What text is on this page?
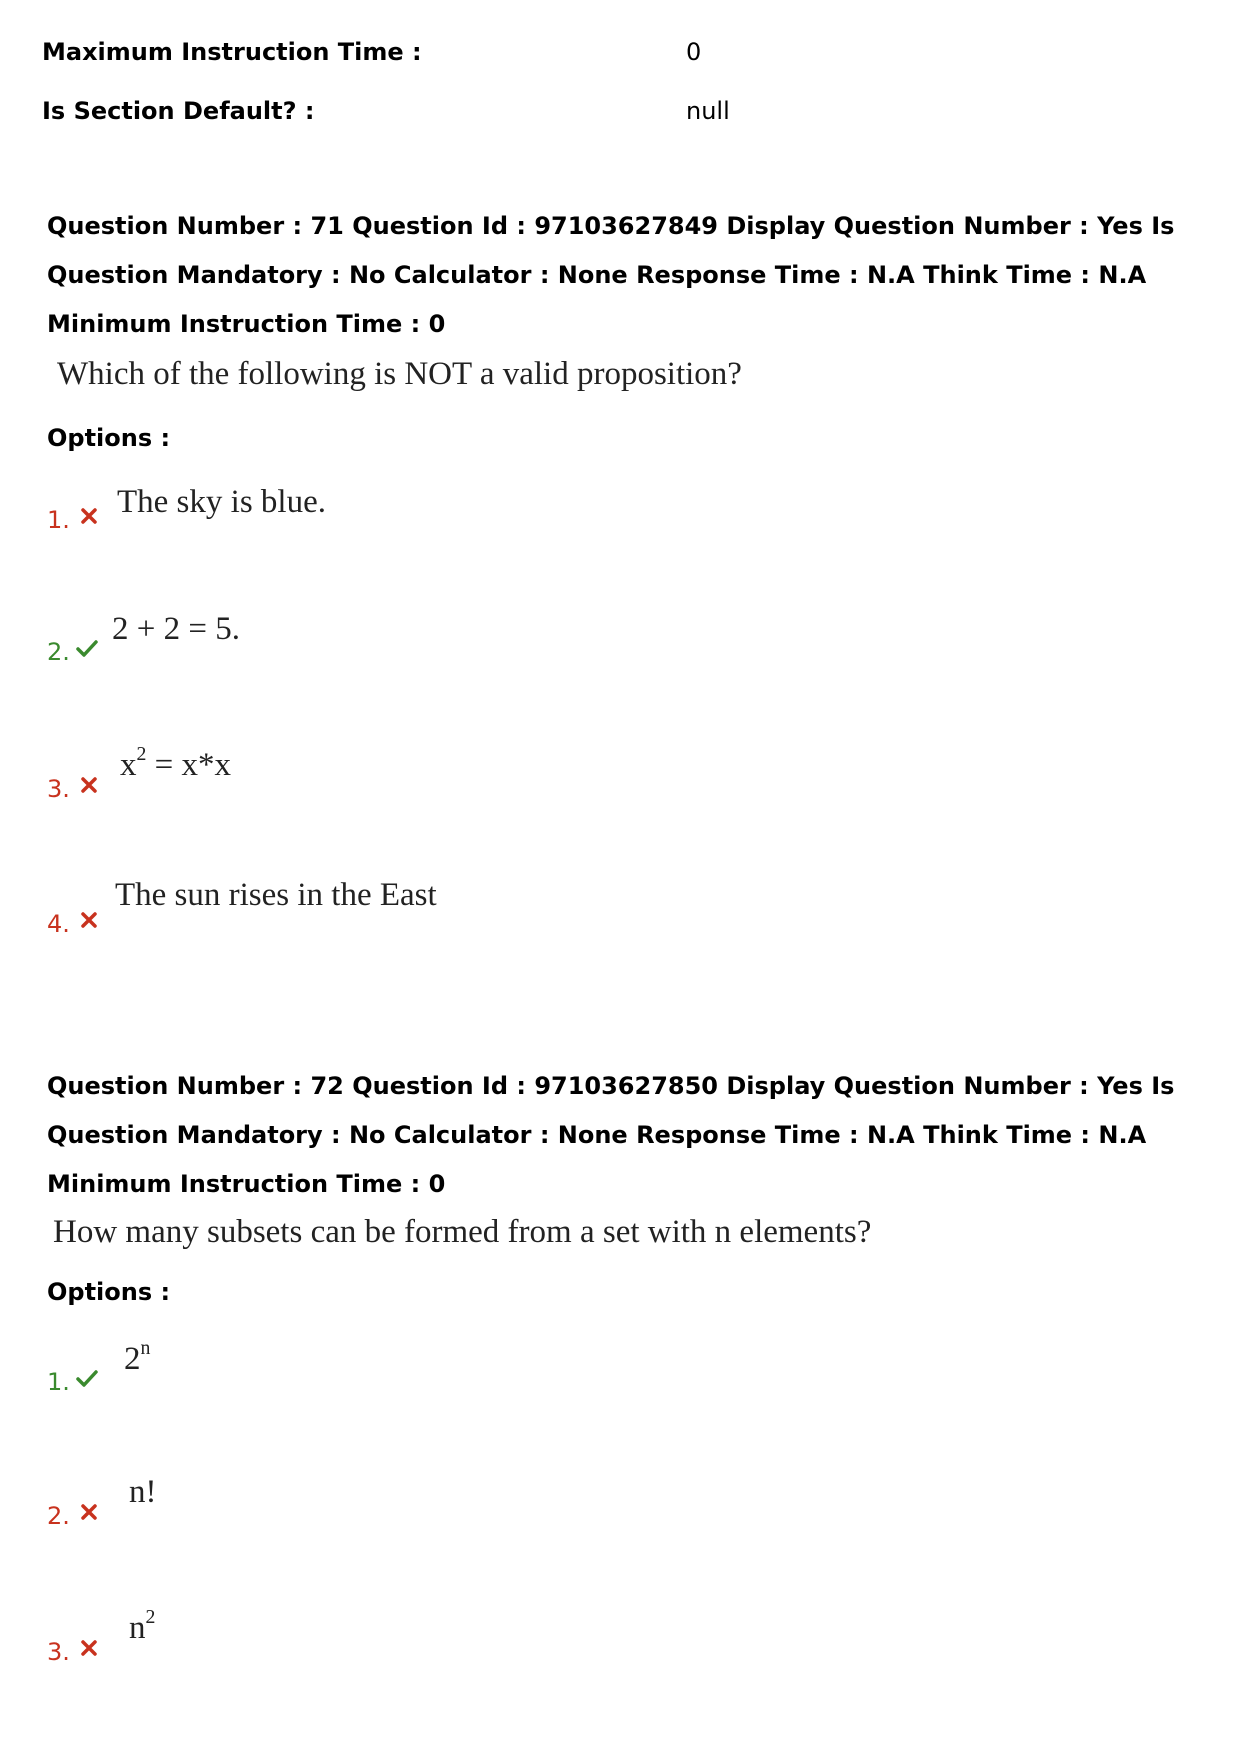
Maximum Instruction Time :	0
Is Section Default? :	null
Question Number : 71 Question Id : 97103627849 Display Question Number : Yes Is Question Mandatory : No Calculator : None Response Time : N.A Think Time : N.A Minimum Instruction Time : 0
Which of the following is NOT a valid proposition?
Options :
1. The sky is blue.
2.
2 + 2 = 5.
3.
$x^2 = x*x$
4.
The sun rises in the East
Question Number : 72 Question Id : 97103627850 Display Question Number : Yes Is Question Mandatory : No Calculator : None Response Time : N.A Think Time : N.A Minimum Instruction Time : 0
How many subsets can be formed from a set with n elements?
Options :
1.
2$^n$
2.
n!
3.
$n^2$
